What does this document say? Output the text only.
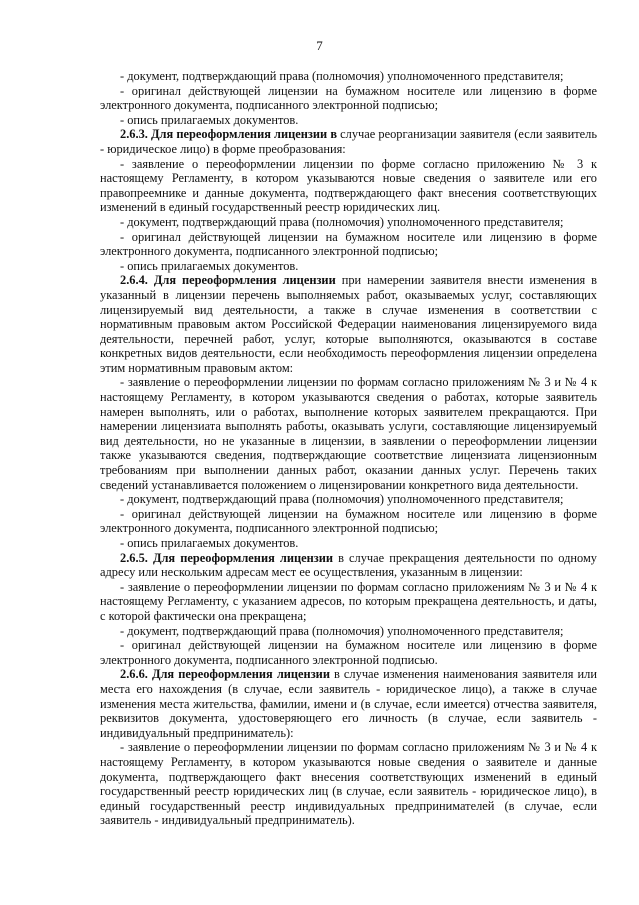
7

- документ, подтверждающий права (полномочия) уполномоченного представителя;

- оригинал действующей лицензии на бумажном носителе или лицензию в форме электронного документа, подписанного электронной подписью;

- опись прилагаемых документов.

2.6.3. Для переоформления лицензии в случае реорганизации заявителя (если заявитель - юридическое лицо) в форме преобразования:

- заявление о переоформлении лицензии по форме согласно приложению № 3 к настоящему Регламенту, в котором указываются новые сведения о заявителе или его правопреемнике и данные документа, подтверждающего факт внесения соответствующих изменений в единый государственный реестр юридических лиц.

- документ, подтверждающий права (полномочия) уполномоченного представителя;

- оригинал действующей лицензии на бумажном носителе или лицензию в форме электронного документа, подписанного электронной подписью;

- опись прилагаемых документов.

2.6.4. Для переоформления лицензии при намерении заявителя внести изменения в указанный в лицензии перечень выполняемых работ, оказываемых услуг, составляющих лицензируемый вид деятельности, а также в случае изменения в соответствии с нормативным правовым актом Российской Федерации наименования лицензируемого вида деятельности, перечней работ, услуг, которые выполняются, оказываются в составе конкретных видов деятельности, если необходимость переоформления лицензии определена этим нормативным правовым актом:

- заявление о переоформлении лицензии по формам согласно приложениям № 3 и № 4 к настоящему Регламенту, в котором указываются сведения о работах, которые заявитель намерен выполнять, или о работах, выполнение которых заявителем прекращаются. При намерении лицензиата выполнять работы, оказывать услуги, составляющие лицензируемый вид деятельности, но не указанные в лицензии, в заявлении о переоформлении лицензии также указываются сведения, подтверждающие соответствие лицензиата лицензионным требованиям при выполнении данных работ, оказании данных услуг. Перечень таких сведений устанавливается положением о лицензировании конкретного вида деятельности.

- документ, подтверждающий права (полномочия) уполномоченного представителя;

- оригинал действующей лицензии на бумажном носителе или лицензию в форме электронного документа, подписанного электронной подписью;

- опись прилагаемых документов.

2.6.5. Для переоформления лицензии в случае прекращения деятельности по одному адресу или нескольким адресам мест ее осуществления, указанным в лицензии:

- заявление о переоформлении лицензии по формам согласно приложениям № 3 и № 4 к настоящему Регламенту, с указанием адресов, по которым прекращена деятельность, и даты, с которой фактически она прекращена;

- документ, подтверждающий права (полномочия) уполномоченного представителя;

- оригинал действующей лицензии на бумажном носителе или лицензию в форме электронного документа, подписанного электронной подписью.

2.6.6. Для переоформления лицензии в случае изменения наименования заявителя или места его нахождения (в случае, если заявитель - юридическое лицо), а также в случае изменения места жительства, фамилии, имени и (в случае, если имеется) отчества заявителя, реквизитов документа, удостоверяющего его личность (в случае, если заявитель - индивидуальный предприниматель):

- заявление о переоформлении лицензии по формам согласно приложениям № 3 и № 4 к настоящему Регламенту, в котором указываются новые сведения о заявителе и данные документа, подтверждающего факт внесения соответствующих изменений в единый государственный реестр юридических лиц (в случае, если заявитель - юридическое лицо), в единый государственный реестр индивидуальных предпринимателей (в случае, если заявитель - индивидуальный предприниматель).
